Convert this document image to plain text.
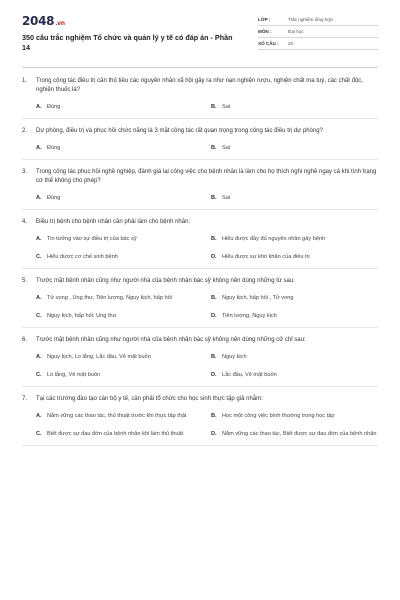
2048.vn
350 câu trắc nghiệm Tổ chức và quản lý y tế có đáp án - Phần 14
LỚP :	Trắc nghiệm tổng hợp
MÔN :	Đại học
SỐ CÂU :	20
1.	Trong công tác điều trị cần thủ tiêu các nguyên nhân xã hội gây ra như nạn nghiện rượu, nghiện chất ma tuý, các chất độc, nghiện thuốc lá?
A. Đúng	B. Sai
2.	Dự phòng, điều trị và phục hồi chức năng là 3 mặt công tác rất quan trọng trong công tác điều trị dự phòng?
A. Đúng	B. Sai
3.	Trong công tác phục hồi nghề nghiệp, đánh giá lại công việc cho bệnh nhân là làm cho họ thích nghi nghề ngay cả khi tình trạng cơ thể không cho phép?
A. Đúng	B. Sai
4.	Điều trị bệnh cho bệnh nhân cần phải làm cho bệnh nhân:
A. Tin tưởng vào sự điều trị của bác sỹ	B. Hiểu được đầy đủ nguyên nhân gây bệnh
C. Hiểu được cơ chế sinh bệnh	D. Hiểu được sự khó khăn của điều trị
5.	Trước mặt bệnh nhân cũng như người nhà của bệnh nhân bác sỹ không nên dùng những từ sau:
A. Tử vong , Ung thư, Tiên lượng, Nguy kịch, hấp hối	B. Nguy kịch, hấp hối , Tử vong
C. Nguy kịch, hấp hối, Ung thư	D. Tiên lượng, Nguy kịch
6.	Trước mặt bệnh nhân cũng như người nhà của bệnh nhân bác sỹ không nên dùng những cử chỉ sau:
A. Nguy kịch, Lo lắng, Lắc đầu, Vẻ mặt buồn	B. Nguy kịch
C. Lo lắng, Vẻ mặt buồn	D. Lắc đầu, Vẻ mặt buồn
7.	Tại các trường đào tạo cán bộ y tế, cần phải tổ chức cho học sinh thực tập giả nhằm:
A. Nắm vững các thao tác, thủ thuật trước khi thực tập thật	B. Học một công việc bình thường trong học tập
C. Biết được sự đau đớn của bệnh nhân khi làm thủ thuật	D. Nắm vững các thao tác, Biết được sự đau đớn của bệnh nhân
